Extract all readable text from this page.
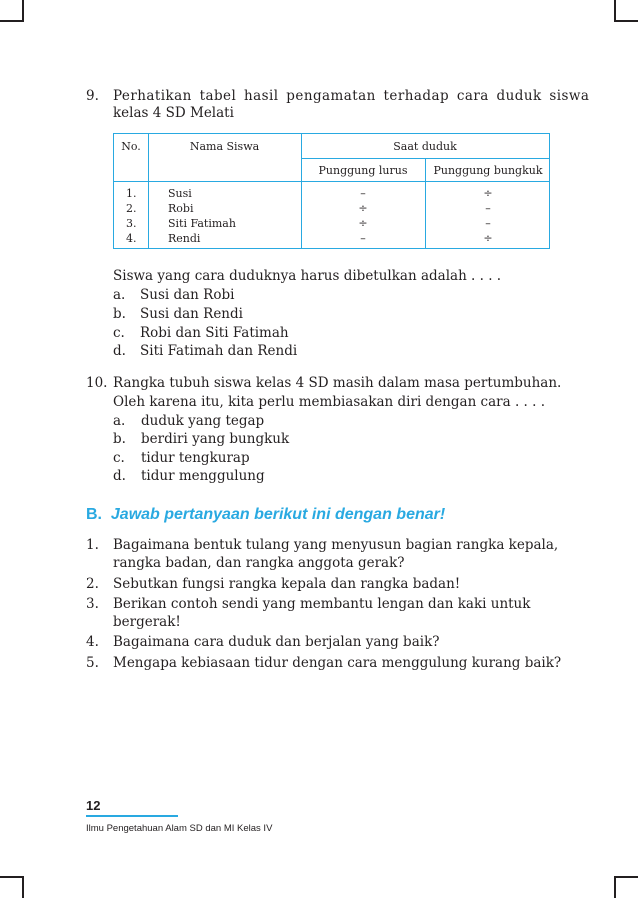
9. Perhatikan tabel hasil pengamatan terhadap cara duduk siswa
kelas 4 SD Melati
No.	Nama Siswa	Saat duduk
Punggung lurus	Punggung bungkuk
1.	Susi	–	÷
2.	Robi	÷	–
3.	Siti Fatimah	÷	–
4.	Rendi	–	÷
Siswa yang cara duduknya harus dibetulkan adalah . . . .
a. Susi dan Robi
b. Susi dan Rendi
c. Robi dan Siti Fatimah
d. Siti Fatimah dan Rendi
10. Rangka tubuh siswa kelas 4 SD masih dalam masa pertumbuhan.
Oleh karena itu, kita perlu membiasakan diri dengan cara . . . .
a. duduk yang tegap
b. berdiri yang bungkuk
c. tidur tengkurap
d. tidur menggulung
B. Jawab pertanyaan berikut ini dengan benar!
1. Bagaimana bentuk tulang yang menyusun bagian rangka kepala,
rangka badan, dan rangka anggota gerak?
2. Sebutkan fungsi rangka kepala dan rangka badan!
3. Berikan contoh sendi yang membantu lengan dan kaki untuk
bergerak!
4. Bagaimana cara duduk dan berjalan yang baik?
5. Mengapa kebiasaan tidur dengan cara menggulung kurang baik?
12
Ilmu Pengetahuan Alam SD dan MI Kelas IV
